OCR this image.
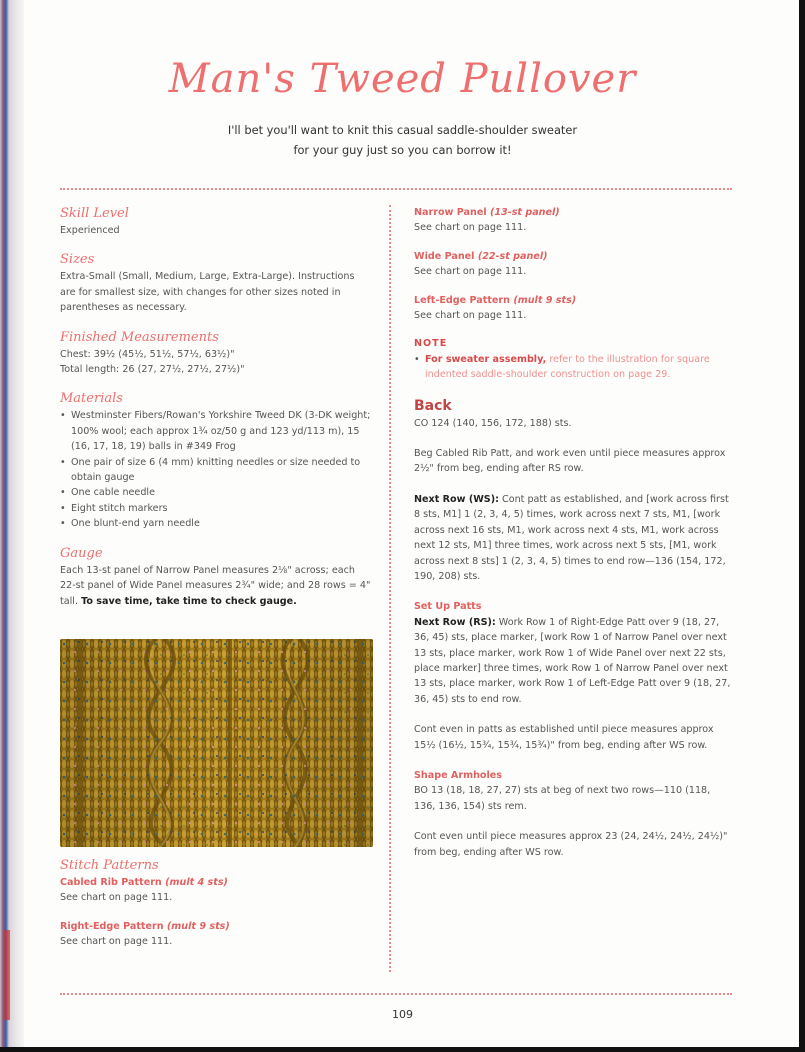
Man's Tweed Pullover
I'll bet you'll want to knit this casual saddle-shoulder sweater
for your guy just so you can borrow it!

Skill Level

Experienced

Sizes

Extra-Small (Small, Medium, Large, Extra-Large). Instructions are for smallest size, with changes for other sizes noted in parentheses as necessary.

Finished Measurements

Chest: 39½ (45½, 51½, 57½, 63½)"

Total length: 26 (27, 27½, 27½, 27½)"

Materials

• Westminster Fibers/Rowan's Yorkshire Tweed DK (3-DK weight; 100% wool; each approx 1¾ oz/50 g and 123 yd/113 m), 15 (16, 17, 18, 19) balls in #349 Frog
• One pair of size 6 (4 mm) knitting needles or size needed to obtain gauge
• One cable needle
• Eight stitch markers
• One blunt-end yarn needle

Gauge

Each 13-st panel of Narrow Panel measures 2⅛" across; each 22-st panel of Wide Panel measures 2¾" wide; and 28 rows = 4" tall. To save time, take time to check gauge.

Stitch Patterns

Cabled Rib Pattern (mult 4 sts)

See chart on page 111.

Right-Edge Pattern (mult 9 sts)

See chart on page 111.

Narrow Panel (13-st panel)

See chart on page 111.

Wide Panel (22-st panel)

See chart on page 111.

Left-Edge Pattern (mult 9 sts)

See chart on page 111.

NOTE

• For sweater assembly, refer to the illustration for square indented saddle-shoulder construction on page 29.

Back

CO 124 (140, 156, 172, 188) sts.

Beg Cabled Rib Patt, and work even until piece measures approx 2½" from beg, ending after RS row.

Next Row (WS): Cont patt as established, and [work across first 8 sts, M1] 1 (2, 3, 4, 5) times, work across next 7 sts, M1, [work across next 16 sts, M1, work across next 4 sts, M1, work across next 12 sts, M1] three times, work across next 5 sts, [M1, work across next 8 sts] 1 (2, 3, 4, 5) times to end row—136 (154, 172, 190, 208) sts.

Set Up Patts

Next Row (RS): Work Row 1 of Right-Edge Patt over 9 (18, 27, 36, 45) sts, place marker, [work Row 1 of Narrow Panel over next 13 sts, place marker, work Row 1 of Wide Panel over next 22 sts, place marker] three times, work Row 1 of Narrow Panel over next 13 sts, place marker, work Row 1 of Left-Edge Patt over 9 (18, 27, 36, 45) sts to end row.

Cont even in patts as established until piece measures approx 15½ (16½, 15¾, 15¾, 15¾)" from beg, ending after WS row.

Shape Armholes

BO 13 (18, 18, 27, 27) sts at beg of next two rows—110 (118, 136, 136, 154) sts rem.

Cont even until piece measures approx 23 (24, 24½, 24½, 24½)" from beg, ending after WS row.

109
